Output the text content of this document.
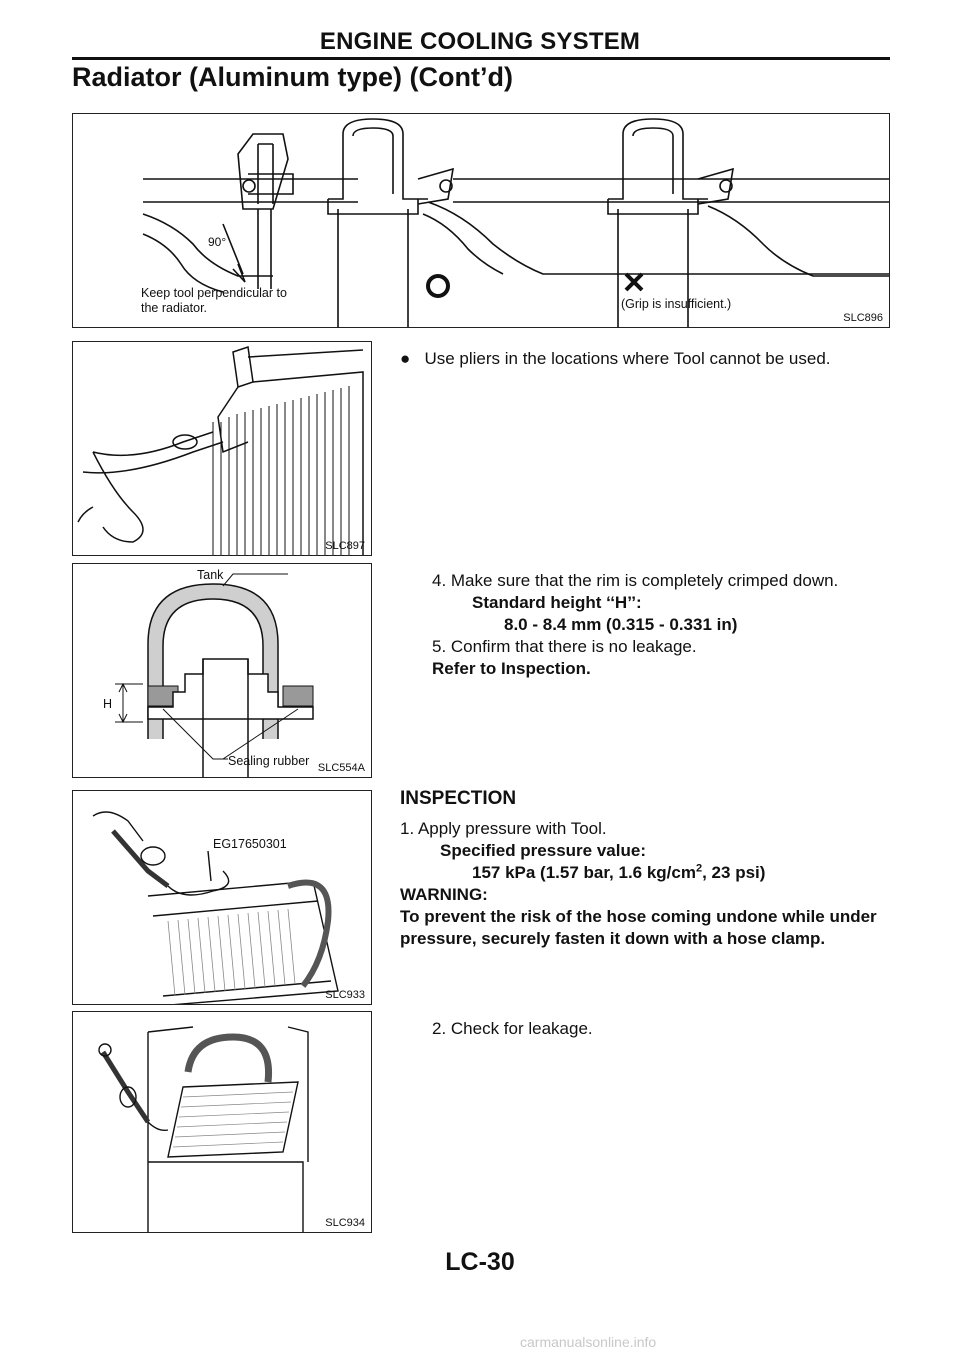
ENGINE COOLING SYSTEM
Radiator (Aluminum type) (Cont’d)
90°
Keep tool perpendicular to
the radiator.	(Grip is insufficient.)
SLC896
SLC897
● Use pliers in the locations where Tool cannot be used.
Tank
H
Sealing rubber SLC554A
4. Make sure that the rim is completely crimped down.
Standard height ‘‘H’’:
8.0 - 8.4 mm (0.315 - 0.331 in)
5. Confirm that there is no leakage.
Refer to Inspection.
INSPECTION
1. Apply pressure with Tool.
Specified pressure value:
157 kPa (1.57 bar, 1.6 $kg/cm^2$, 23 psi)
WARNING:
To prevent the risk of the hose coming undone while under
pressure, securely fasten it down with a hose clamp.
EG17650301
SLC933
SLC934
2. Check for leakage.
LC-30
carmanualsonline.info
